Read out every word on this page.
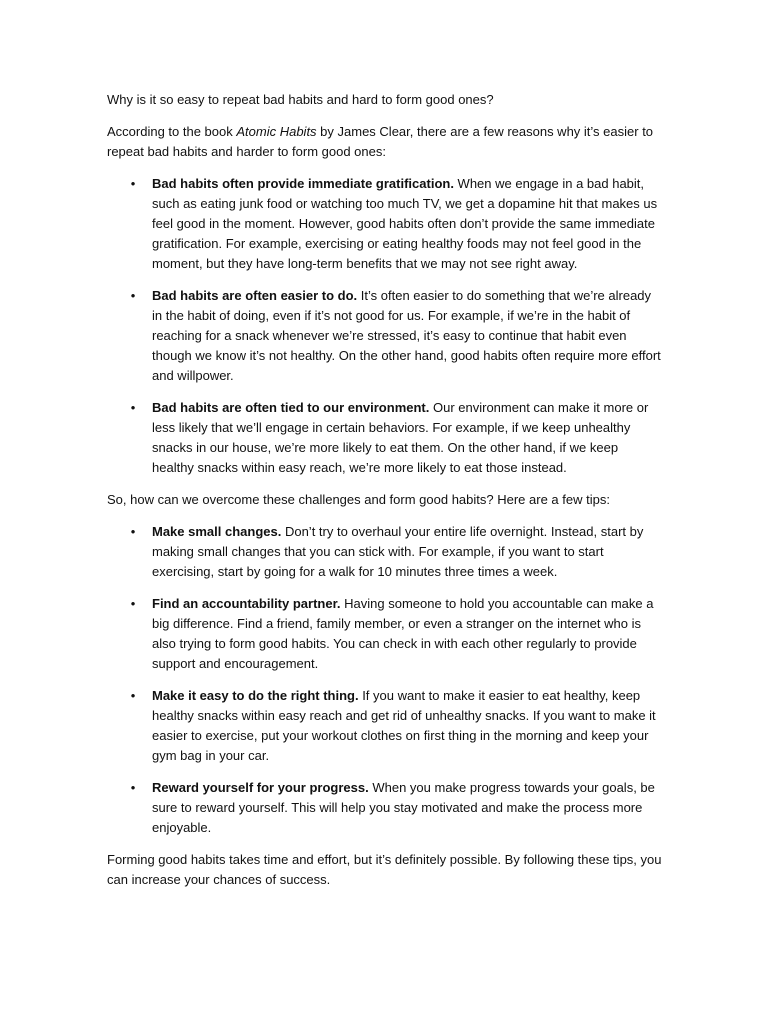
Why is it so easy to repeat bad habits and hard to form good ones?

According to the book Atomic Habits by James Clear, there are a few reasons why it’s easier to repeat bad habits and harder to form good ones:

• Bad habits often provide immediate gratification. When we engage in a bad habit, such as eating junk food or watching too much TV, we get a dopamine hit that makes us feel good in the moment. However, good habits often don’t provide the same immediate gratification. For example, exercising or eating healthy foods may not feel good in the moment, but they have long-term benefits that we may not see right away.
• Bad habits are often easier to do. It’s often easier to do something that we’re already in the habit of doing, even if it’s not good for us. For example, if we’re in the habit of reaching for a snack whenever we’re stressed, it’s easy to continue that habit even though we know it’s not healthy. On the other hand, good habits often require more effort and willpower.
• Bad habits are often tied to our environment. Our environment can make it more or less likely that we’ll engage in certain behaviors. For example, if we keep unhealthy snacks in our house, we’re more likely to eat them. On the other hand, if we keep healthy snacks within easy reach, we’re more likely to eat those instead.

So, how can we overcome these challenges and form good habits? Here are a few tips:

• Make small changes. Don’t try to overhaul your entire life overnight. Instead, start by making small changes that you can stick with. For example, if you want to start exercising, start by going for a walk for 10 minutes three times a week.
• Find an accountability partner. Having someone to hold you accountable can make a big difference. Find a friend, family member, or even a stranger on the internet who is also trying to form good habits. You can check in with each other regularly to provide support and encouragement.
• Make it easy to do the right thing. If you want to make it easier to eat healthy, keep healthy snacks within easy reach and get rid of unhealthy snacks. If you want to make it easier to exercise, put your workout clothes on first thing in the morning and keep your gym bag in your car.
• Reward yourself for your progress. When you make progress towards your goals, be sure to reward yourself. This will help you stay motivated and make the process more enjoyable.

Forming good habits takes time and effort, but it’s definitely possible. By following these tips, you can increase your chances of success.
